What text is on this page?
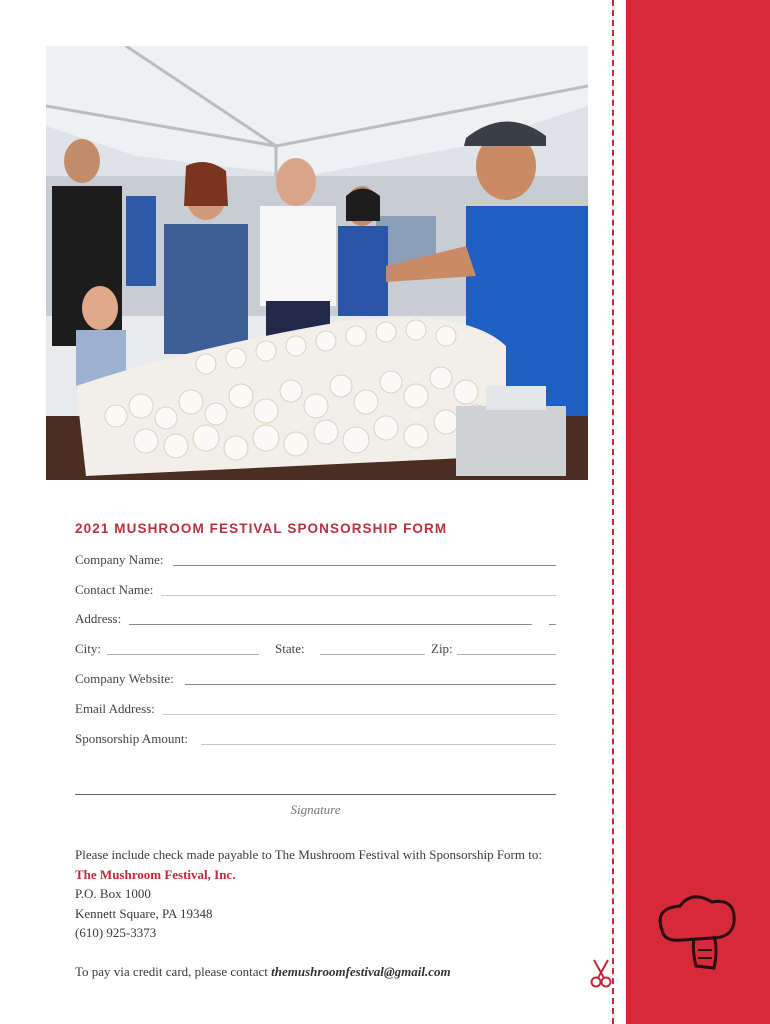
2021 MUSHROOM FESTIVAL SPONSORSHIP FORM
Company Name:
Contact Name:
Address:
City:	State:	Zip:
Company Website:
Email Address:
Sponsorship Amount:
Signature
Please include check made payable to The Mushroom Festival with Sponsorship Form to:
The Mushroom Festival, Inc.
P.O. Box 1000
Kennett Square, PA 19348
(610) 925-3373
To pay via credit card, please contact themushroomfestival@gmail.com
